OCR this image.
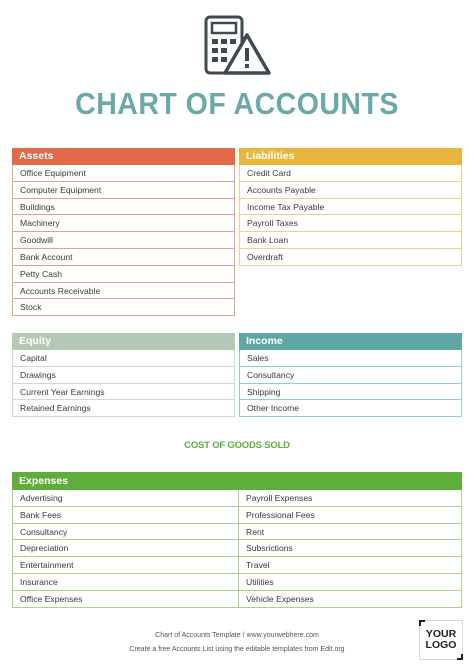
CHART OF ACCOUNTS
Assets
Office Equipment
Computer Equipment
Buildings
Machinery
Goodwill
Bank Account
Petty Cash
Accounts Receivable
Stock
Liabilities
Credit Card
Accounts Payable
Income Tax Payable
Payroll Taxes
Bank Loan
Overdraft
Equity
Capital
Drawings
Current Year Earnings
Retained Earnings
Income
Sales
Consultancy
Shipping
Other Income
COST OF GOODS SOLD
Expenses
Advertising	Payroll Expenses
Bank Fees	Professional Fees
Consultancy	Rent
Depreciation	Subsrictions
Entertainment	Travel
Insurance	Utilities
Office Expenses	Vehicle Expenses
Chart of Accounts Template / www.yourwebhere.com
Create a free Accounts List using the editable templates from Edit.org
YOUR
LOGO
